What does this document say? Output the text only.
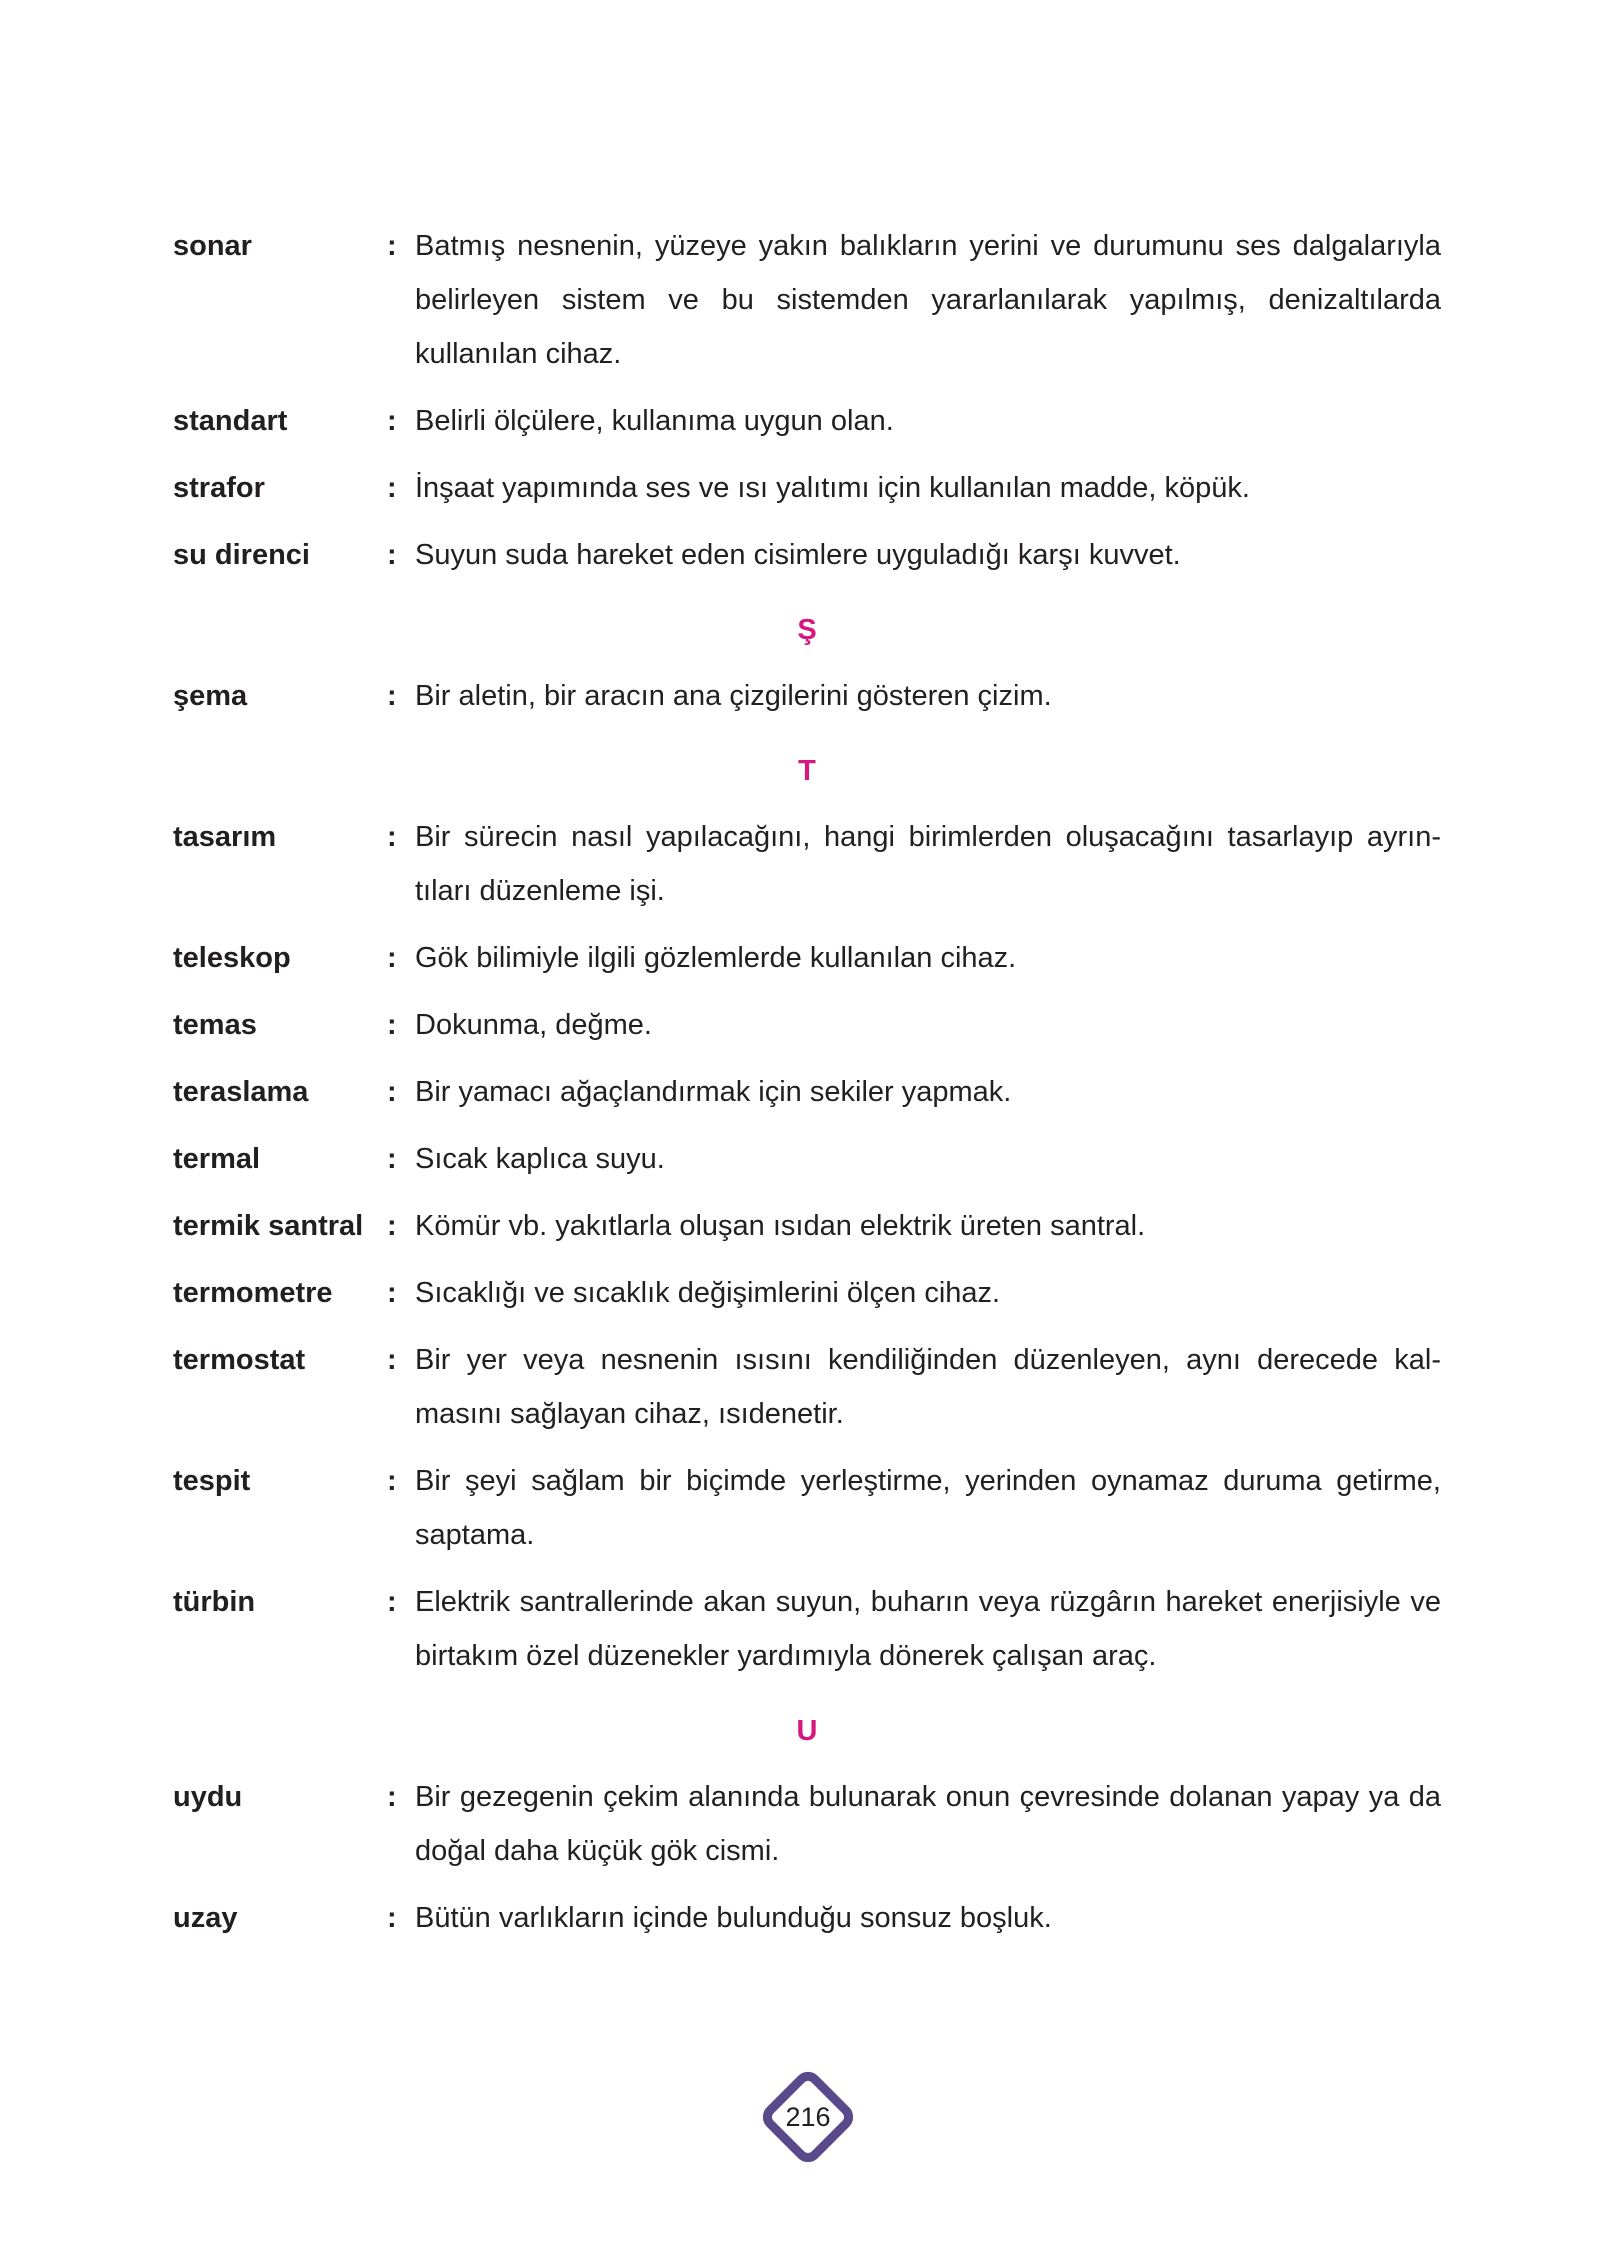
sonar	: Batmış nesnenin, yüzeye yakın balıkların yerini ve durumunu ses dalgalarıyla belirleyen sistem ve bu sistemden yararlanılarak yapılmış, denizaltılarda kullanılan cihaz.
standart	: Belirli ölçülere, kullanıma uygun olan.
strafor	: İnşaat yapımında ses ve ısı yalıtımı için kullanılan madde, köpük.
su direnci	: Suyun suda hareket eden cisimlere uyguladığı karşı kuvvet.
Ş
şema	: Bir aletin, bir aracın ana çizgilerini gösteren çizim.
T
tasarım	: Bir sürecin nasıl yapılacağını, hangi birimlerden oluşacağını tasarlayıp ayrıntıları düzenleme işi.
teleskop	: Gök bilimiyle ilgili gözlemlerde kullanılan cihaz.
temas	: Dokunma, değme.
teraslama	: Bir yamacı ağaçlandırmak için sekiler yapmak.
termal	: Sıcak kaplıca suyu.
termik santral : Kömür vb. yakıtlarla oluşan ısıdan elektrik üreten santral.
termometre	: Sıcaklığı ve sıcaklık değişimlerini ölçen cihaz.
termostat	: Bir yer veya nesnenin ısısını kendiliğinden düzenleyen, aynı derecede kalmasını sağlayan cihaz, ısıdenetir.
tespit	: Bir şeyi sağlam bir biçimde yerleştirme, yerinden oynamaz duruma getirme, saptama.
türbin	: Elektrik santrallerinde akan suyun, buharın veya rüzgârın hareket enerjisiyle ve birtakım özel düzenekler yardımıyla dönerek çalışan araç.
U
uydu	: Bir gezegenin çekim alanında bulunarak onun çevresinde dolanan yapay ya da doğal daha küçük gök cismi.
uzay	: Bütün varlıkların içinde bulunduğu sonsuz boşluk.
216
